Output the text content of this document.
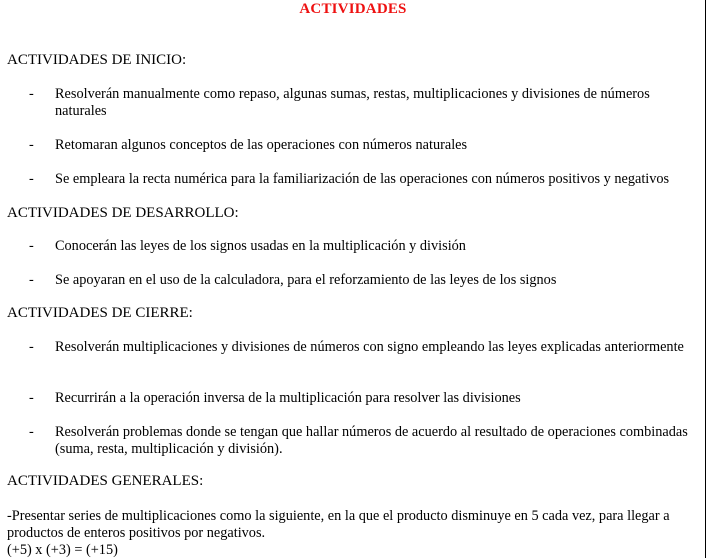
ACTIVIDADES
ACTIVIDADES DE INICIO:
- Resolverán manualmente como repaso, algunas sumas, restas, multiplicaciones y divisiones de números naturales
- Retomaran algunos conceptos de las operaciones con números naturales
- Se empleara la recta numérica para la familiarización de las operaciones con números positivos y negativos
ACTIVIDADES DE DESARROLLO:
- Conocerán las leyes de los signos usadas en la multiplicación y división
- Se apoyaran en el uso de la calculadora, para el reforzamiento de las leyes de los signos
ACTIVIDADES DE CIERRE:
- Resolverán multiplicaciones y divisiones de números con signo empleando las leyes explicadas anteriormente
- Recurrirán a la operación inversa de la multiplicación para resolver las divisiones
- Resolverán problemas donde se tengan que hallar números de acuerdo al resultado de operaciones combinadas (suma, resta, multiplicación y división).
ACTIVIDADES GENERALES:
-Presentar series de multiplicaciones como la siguiente, en la que el producto disminuye en 5 cada vez, para llegar a productos de enteros positivos por negativos.
(+5) x (+3) = (+15)
